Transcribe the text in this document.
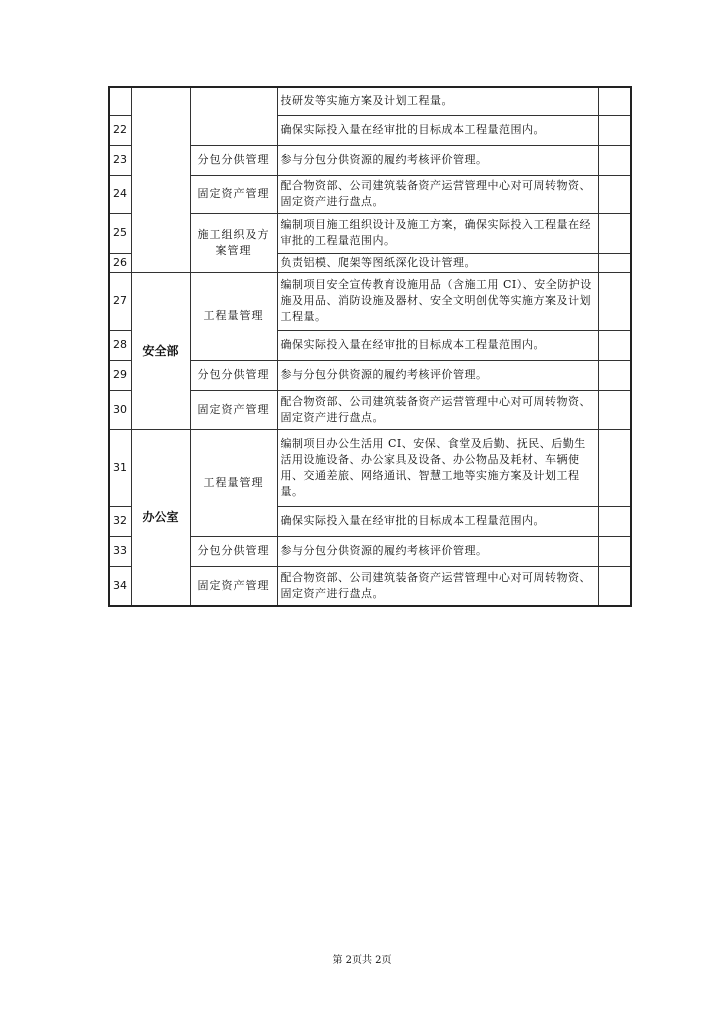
			技研发等实施方案及计划工程量。	
22			确保实际投入量在经审批的目标成本工程量范围内。	
23		分包分供管理	参与分包分供资源的履约考核评价管理。	
24		固定资产管理	配合物资部、公司建筑装备资产运营管理中心对可周转物资、固定资产进行盘点。	
25		施工组织及方案管理	编制项目施工组织设计及施工方案，确保实际投入工程量在经审批的工程量范围内。	
26			负责铝模、爬架等图纸深化设计管理。	
27	安全部	工程量管理	编制项目安全宣传教育设施用品（含施工用 CI）、安全防护设施及用品、消防设施及器材、安全文明创优等实施方案及计划工程量。	
28			确保实际投入量在经审批的目标成本工程量范围内。	
29		分包分供管理	参与分包分供资源的履约考核评价管理。	
30		固定资产管理	配合物资部、公司建筑装备资产运营管理中心对可周转物资、固定资产进行盘点。	
31	办公室	工程量管理	编制项目办公生活用 CI、安保、食堂及后勤、抚民、后勤生活用设施设备、办公家具及设备、办公物品及耗材、车辆使用、交通差旅、网络通讯、智慧工地等实施方案及计划工程量。	
32			确保实际投入量在经审批的目标成本工程量范围内。	
33		分包分供管理	参与分包分供资源的履约考核评价管理。	
34		固定资产管理	配合物资部、公司建筑装备资产运营管理中心对可周转物资、固定资产进行盘点。	
第 2页共 2页
